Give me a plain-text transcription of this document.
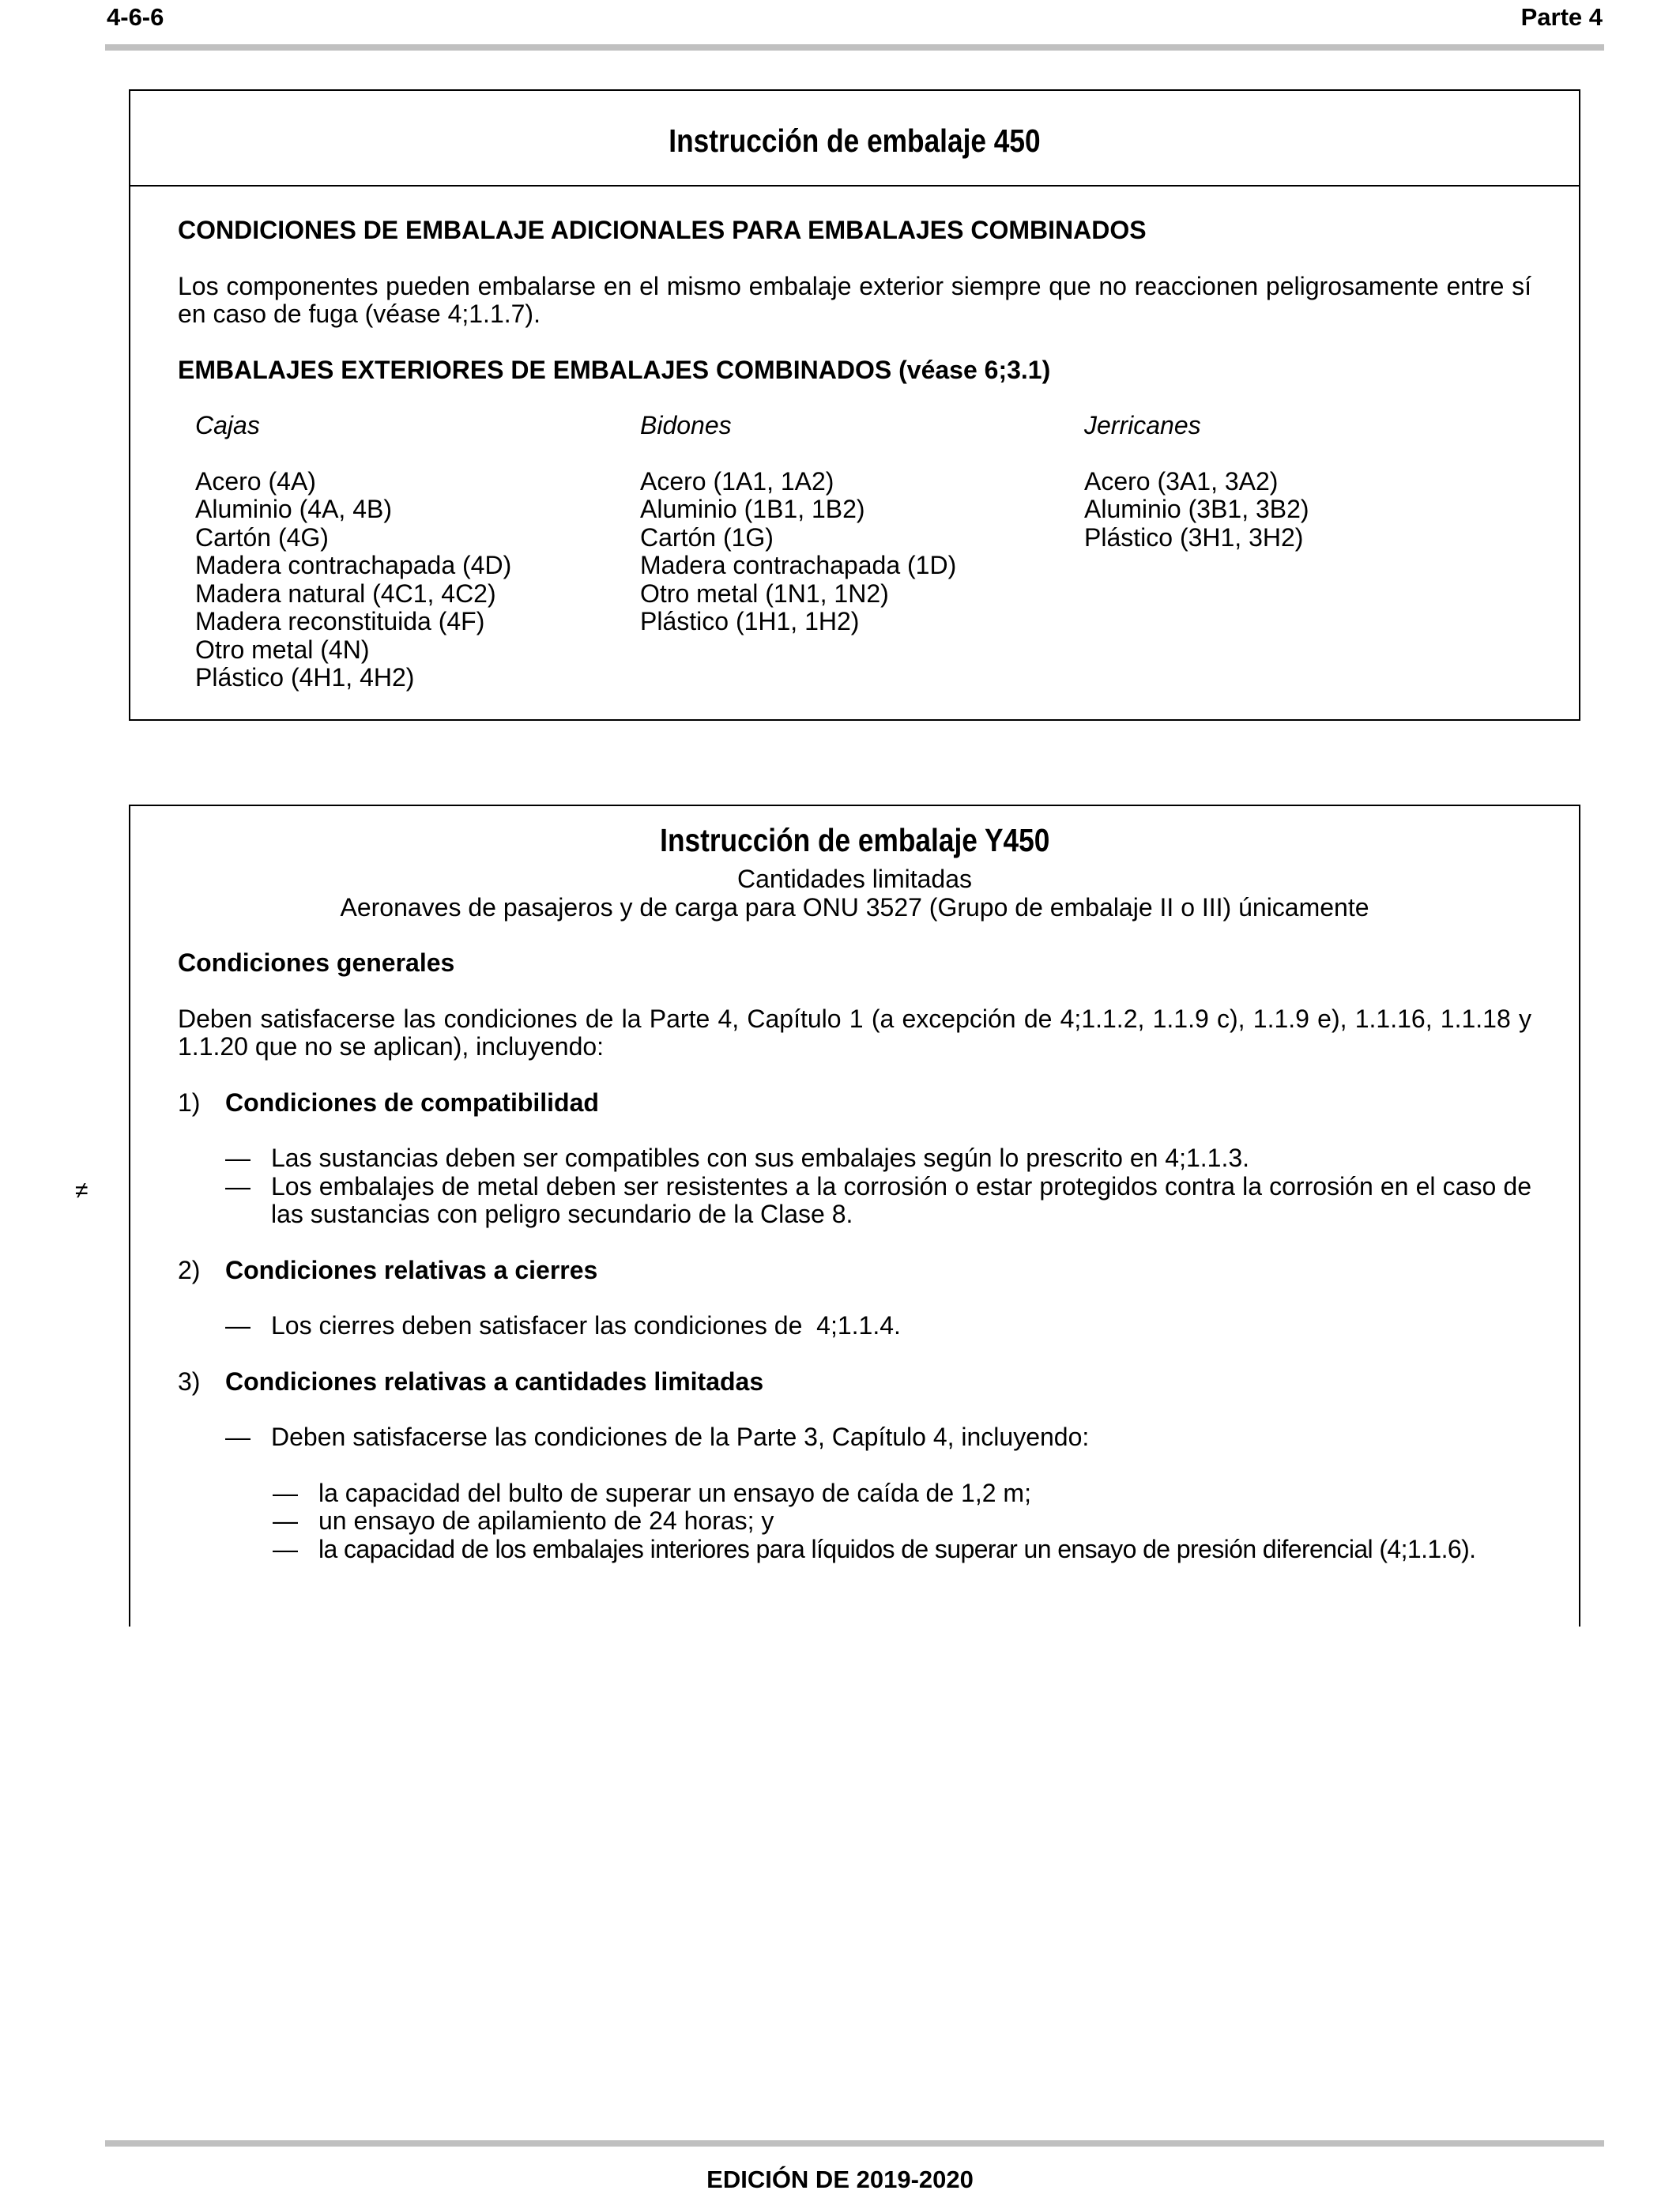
4-6-6	Parte 4
Instrucción de embalaje 450

CONDICIONES DE EMBALAJE ADICIONALES PARA EMBALAJES COMBINADOS

Los componentes pueden embalarse en el mismo embalaje exterior siempre que no reaccionen peligrosamente entre sí en caso de fuga (véase 4;1.1.7).

EMBALAJES EXTERIORES DE EMBALAJES COMBINADOS (véase 6;3.1)

Cajas

Acero (4A)
Aluminio (4A, 4B)
Cartón (4G)
Madera contrachapada (4D)
Madera natural (4C1, 4C2)
Madera reconstituida (4F)
Otro metal (4N)
Plástico (4H1, 4H2)

Bidones

Acero (1A1, 1A2)
Aluminio (1B1, 1B2)
Cartón (1G)
Madera contrachapada (1D)
Otro metal (1N1, 1N2)
Plástico (1H1, 1H2)

Jerricanes

Acero (3A1, 3A2)
Aluminio (3B1, 3B2)
Plástico (3H1, 3H2)
Instrucción de embalaje Y450
Cantidades limitadas
Aeronaves de pasajeros y de carga para ONU 3527 (Grupo de embalaje II o III) únicamente

Condiciones generales

Deben satisfacerse las condiciones de la Parte 4, Capítulo 1 (a excepción de 4;1.1.2, 1.1.9 c), 1.1.9 e), 1.1.16, 1.1.18 y 1.1.20 que no se aplican), incluyendo:

1) Condiciones de compatibilidad
— Las sustancias deben ser compatibles con sus embalajes según lo prescrito en 4;1.1.3.
— Los embalajes de metal deben ser resistentes a la corrosión o estar protegidos contra la corrosión en el caso de las sustancias con peligro secundario de la Clase 8.
2) Condiciones relativas a cierres
— Los cierres deben satisfacer las condiciones de  4;1.1.4.
3) Condiciones relativas a cantidades limitadas
— Deben satisfacerse las condiciones de la Parte 3, Capítulo 4, incluyendo:
— la capacidad del bulto de superar un ensayo de caída de 1,2 m;
— un ensayo de apilamiento de 24 horas; y
— la capacidad de los embalajes interiores para líquidos de superar un ensayo de presión diferencial (4;1.1.6).
≠
EDICIÓN DE 2019-2020
